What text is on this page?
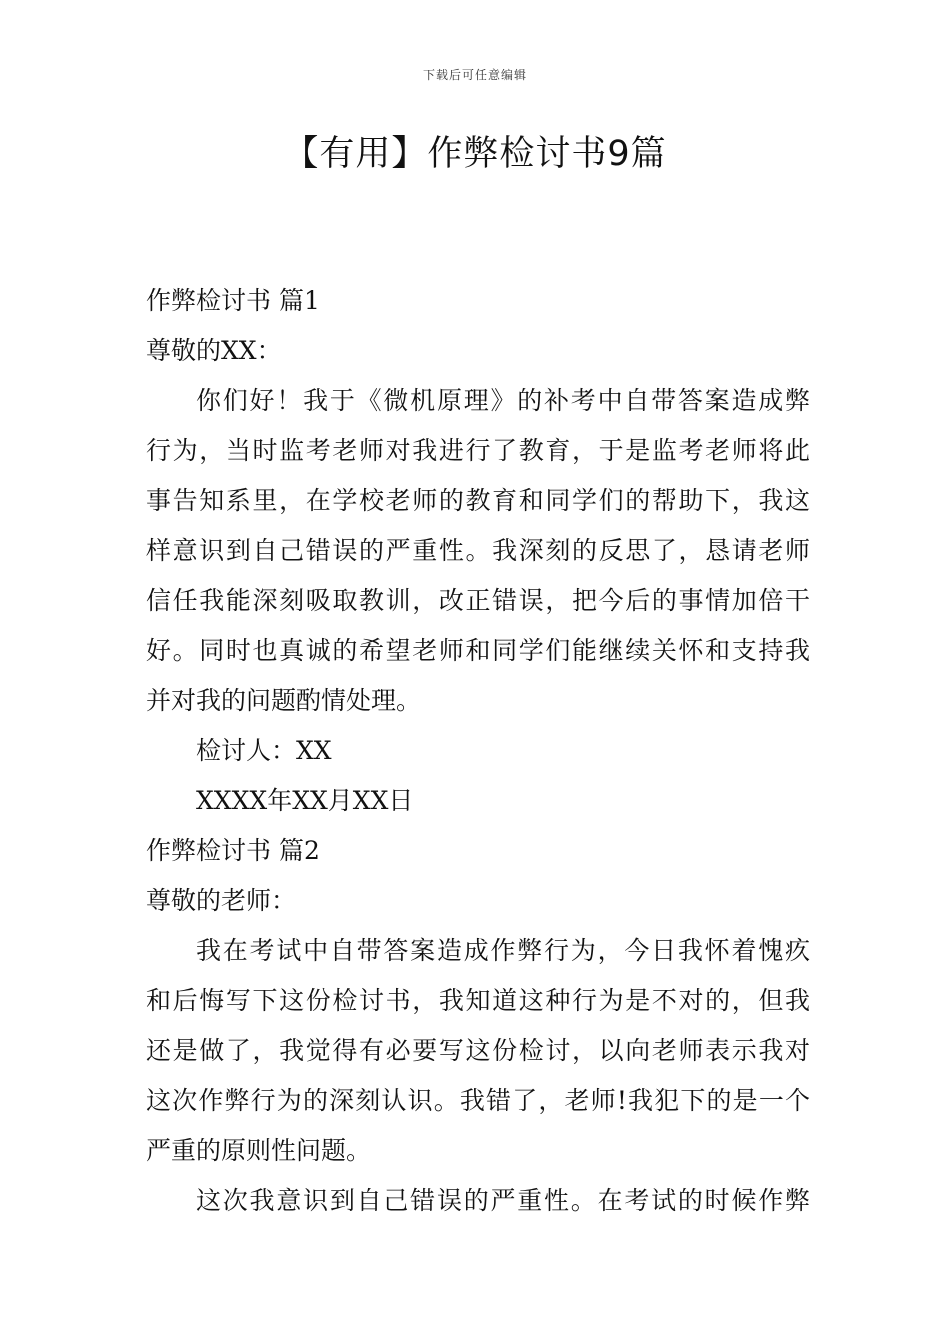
下载后可任意编辑
【有用】作弊检讨书9篇
作弊检讨书 篇1
尊敬的XX：
你们好！我于《微机原理》的补考中自带答案造成弊
行为，当时监考老师对我进行了教育，于是监考老师将此
事告知系里，在学校老师的教育和同学们的帮助下，我这
样意识到自己错误的严重性。我深刻的反思了，恳请老师
信任我能深刻吸取教训，改正错误，把今后的事情加倍干
好。同时也真诚的希望老师和同学们能继续关怀和支持我
并对我的问题酌情处理。
检讨人：XX
XXXX年XX月XX日
作弊检讨书 篇2
尊敬的老师：
我在考试中自带答案造成作弊行为，今日我怀着愧疚
和后悔写下这份检讨书，我知道这种行为是不对的，但我
还是做了，我觉得有必要写这份检讨，以向老师表示我对
这次作弊行为的深刻认识。我错了，老师!我犯下的是一个
严重的原则性问题。
这次我意识到自己错误的严重性。在考试的时候作弊
